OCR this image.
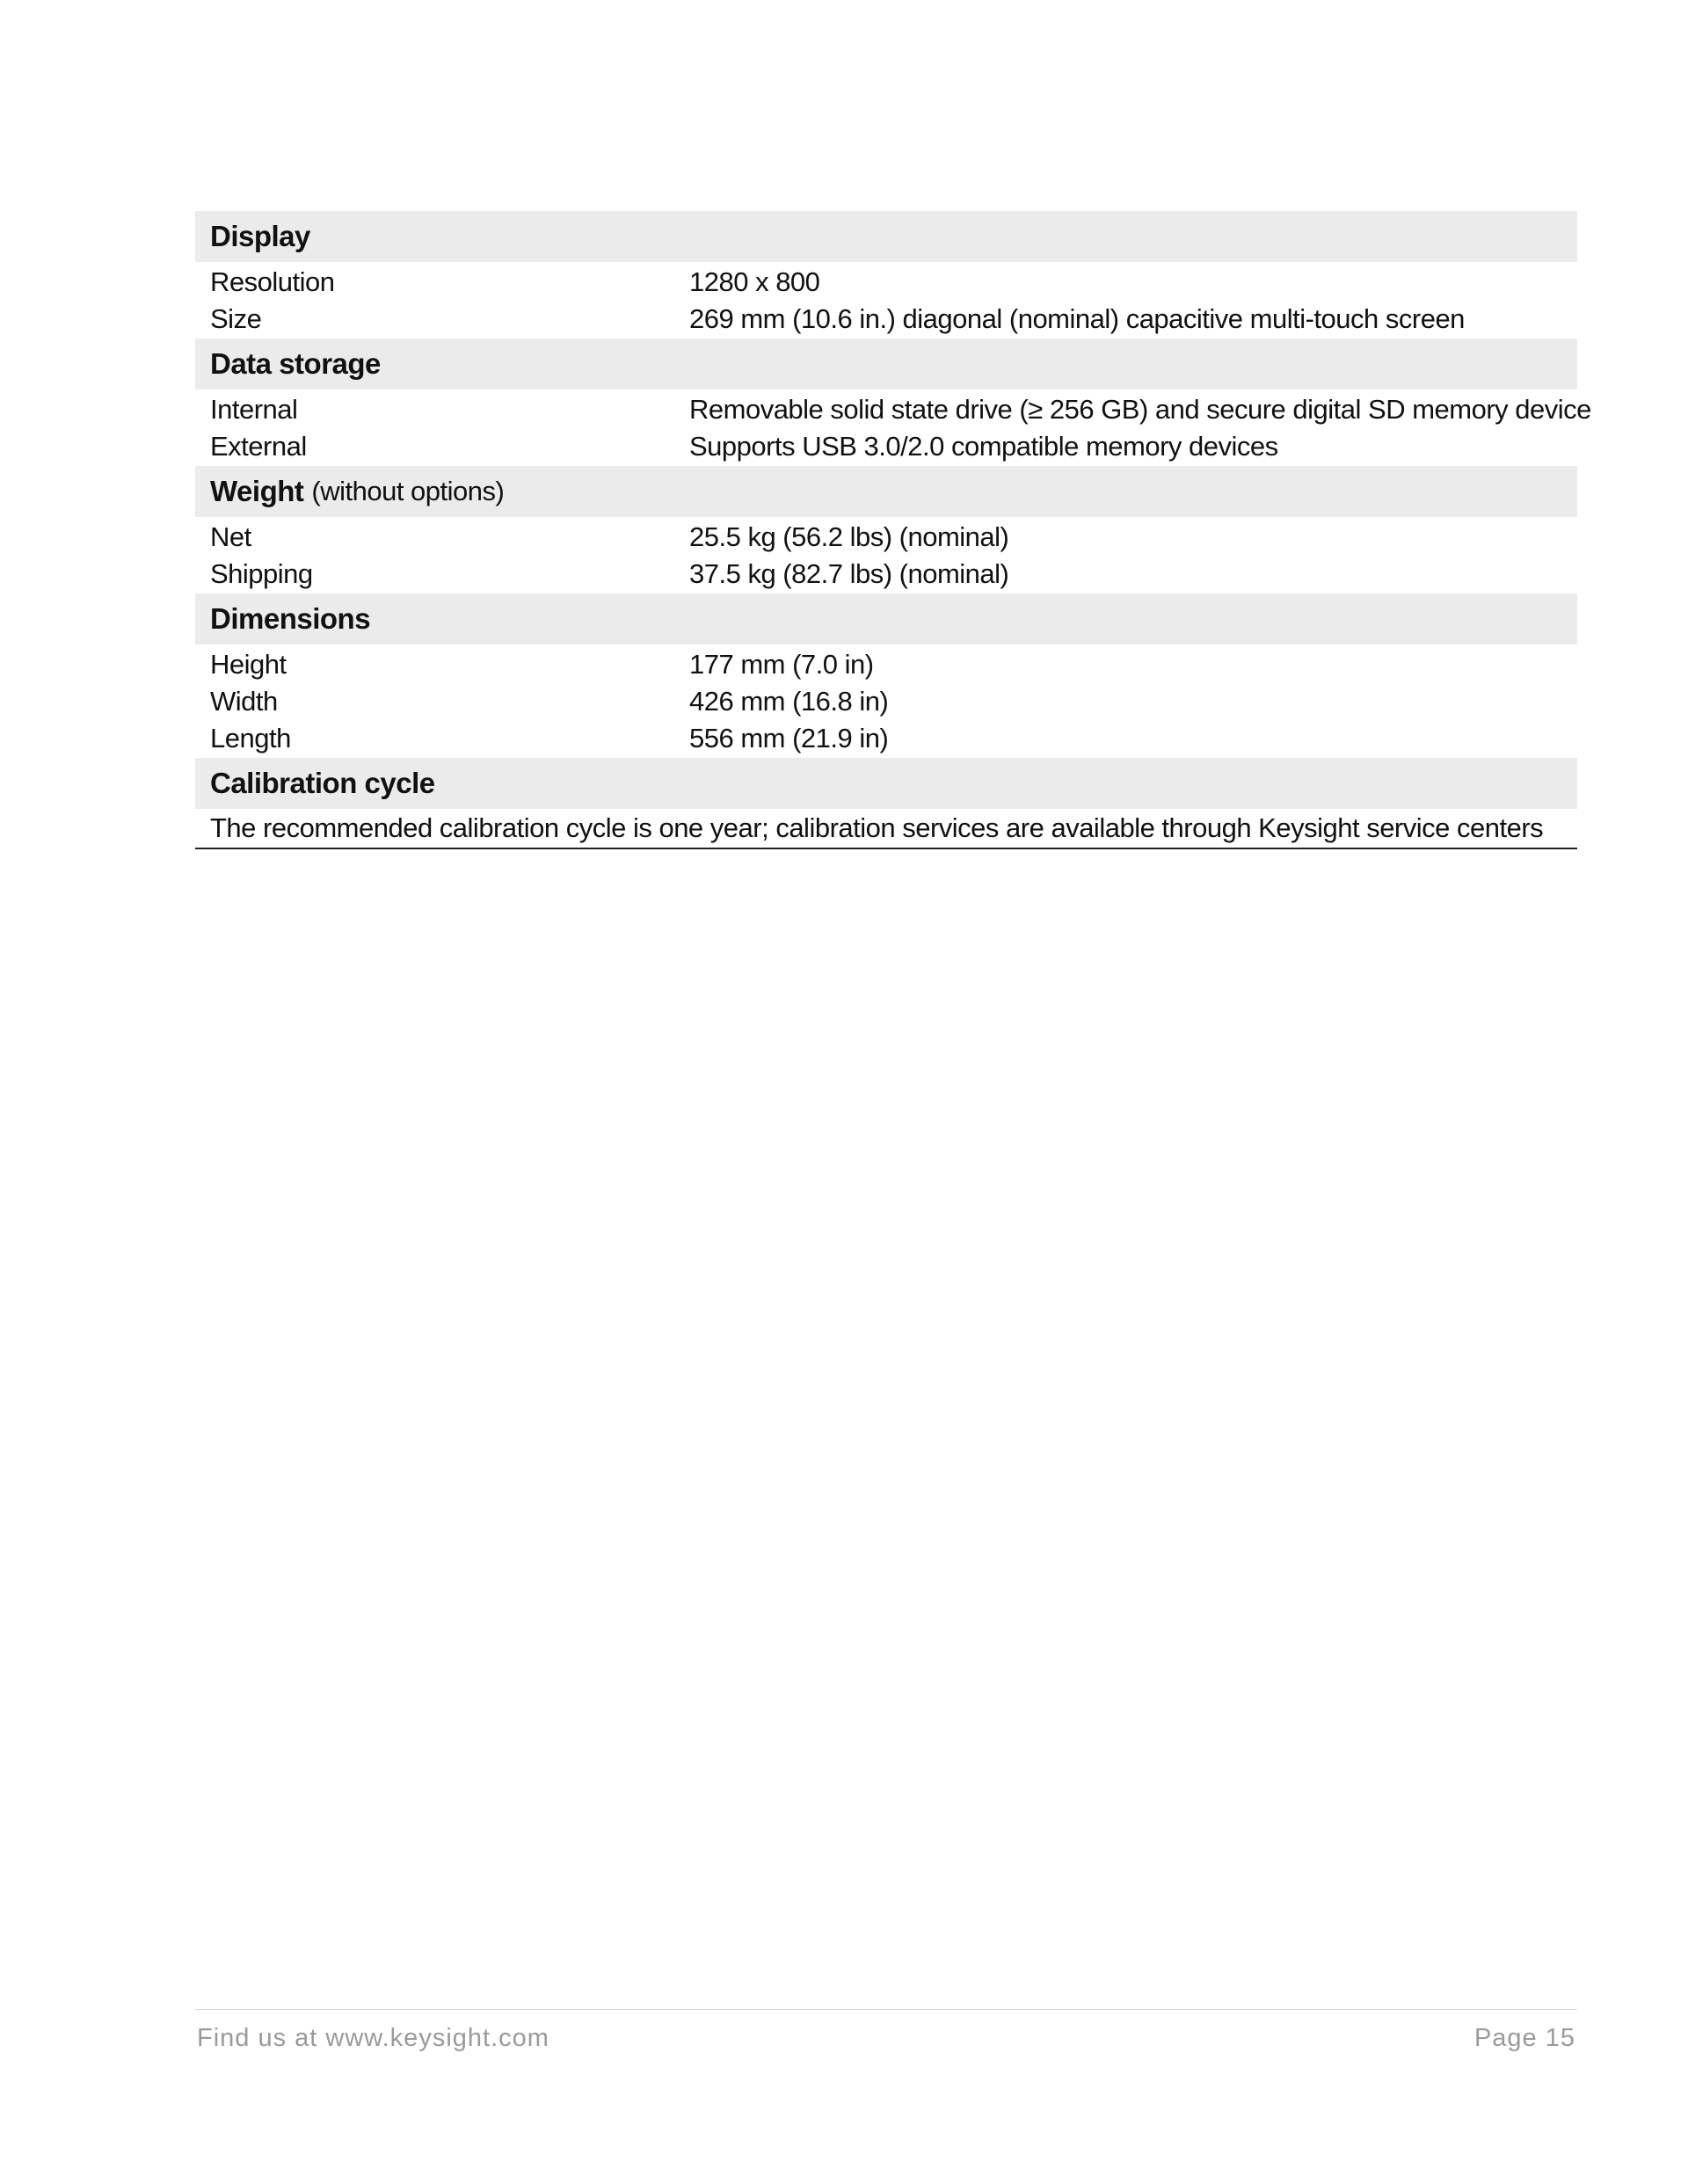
Display
Resolution	1280 x 800
Size	269 mm (10.6 in.) diagonal (nominal) capacitive multi-touch screen
Data storage
Internal	Removable solid state drive (≥ 256 GB) and secure digital SD memory device
External	Supports USB 3.0/2.0 compatible memory devices
Weight (without options)
Net	25.5 kg (56.2 lbs) (nominal)
Shipping	37.5 kg (82.7 lbs) (nominal)
Dimensions
Height	177 mm (7.0 in)
Width	426 mm (16.8 in)
Length	556 mm (21.9 in)
Calibration cycle
The recommended calibration cycle is one year; calibration services are available through Keysight service centers
Find us at www.keysight.com	Page 15
